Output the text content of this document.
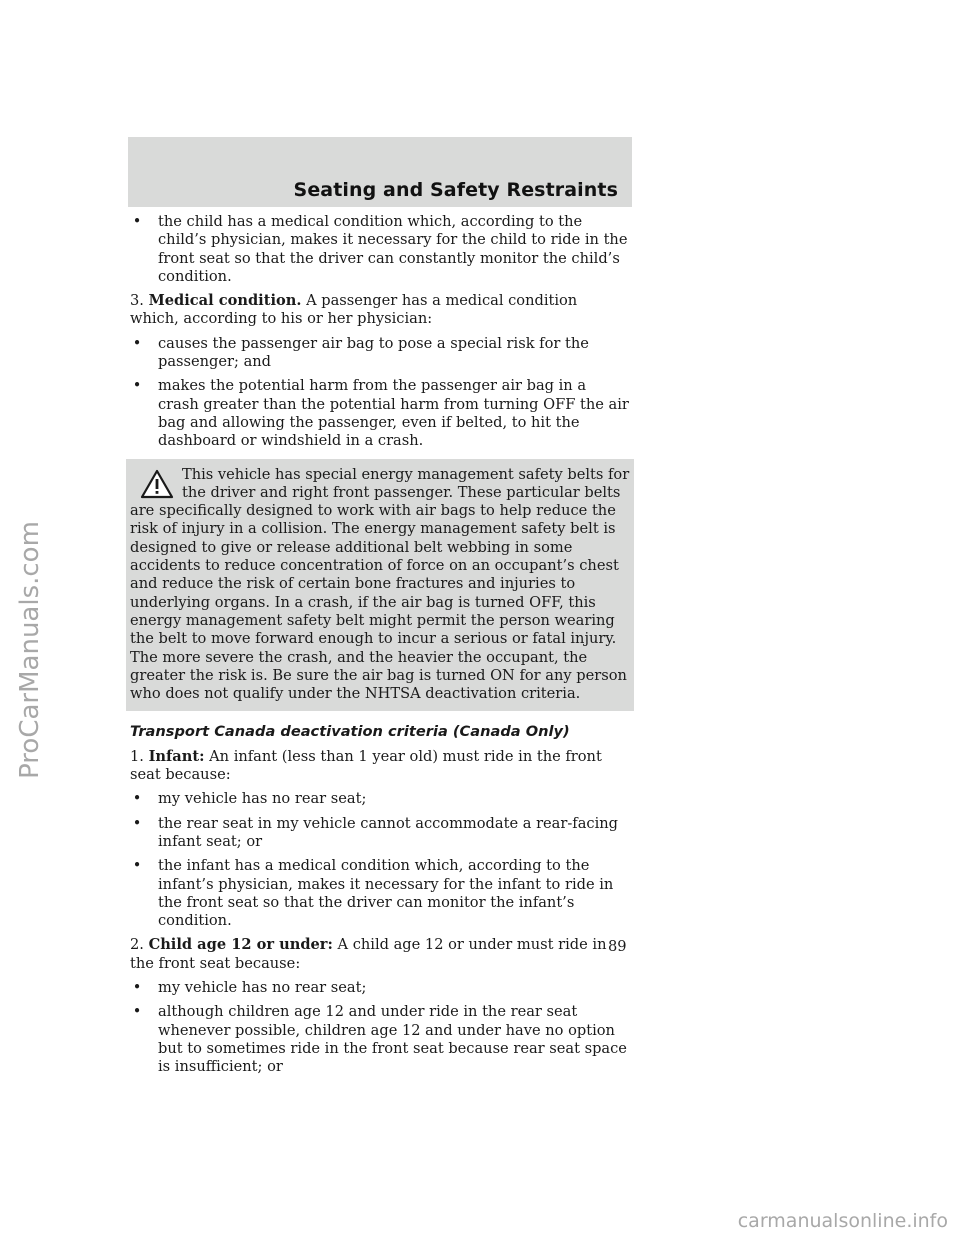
Seating and Safety Restraints
• the child has a medical condition which, according to the child’s physician, makes it necessary for the child to ride in the front seat so that the driver can constantly monitor the child’s condition.

3. Medical condition. A passenger has a medical condition which, according to his or her physician:

• causes the passenger air bag to pose a special risk for the passenger; and
• makes the potential harm from the passenger air bag in a crash greater than the potential harm from turning OFF the air bag and allowing the passenger, even if belted, to hit the dashboard or windshield in a crash.

This vehicle has special energy management safety belts for the driver and right front passenger. These particular belts are specifically designed to work with air bags to help reduce the risk of injury in a collision. The energy management safety belt is designed to give or release additional belt webbing in some accidents to reduce concentration of force on an occupant’s chest and reduce the risk of certain bone fractures and injuries to underlying organs. In a crash, if the air bag is turned OFF, this energy management safety belt might permit the person wearing the belt to move forward enough to incur a serious or fatal injury. The more severe the crash, and the heavier the occupant, the greater the risk is. Be sure the air bag is turned ON for any person who does not qualify under the NHTSA deactivation criteria.

Transport Canada deactivation criteria (Canada Only)

1. Infant: An infant (less than 1 year old) must ride in the front seat because:

• my vehicle has no rear seat;
• the rear seat in my vehicle cannot accommodate a rear-facing infant seat; or
• the infant has a medical condition which, according to the infant’s physician, makes it necessary for the infant to ride in the front seat so that the driver can monitor the infant’s condition.

2. Child age 12 or under: A child age 12 or under must ride in the front seat because:

• my vehicle has no rear seat;
• although children age 12 and under ride in the rear seat whenever possible, children age 12 and under have no option but to sometimes ride in the front seat because rear seat space is insufficient; or
89
ProCarManuals.com
carmanualsonline.info
